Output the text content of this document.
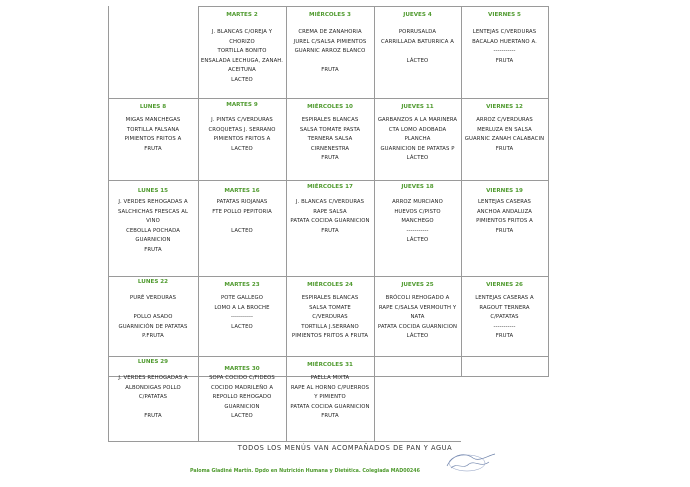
MARTES 2
J. BLANCAS C/OREJA Y
CHORIZO
TORTILLA BONITO
ENSALADA LECHUGA, ZANAH.
ACEITUNA
LACTEO
MIÉRCOLES 3
CREMA DE ZANAHORIA
JUREL C/SALSA PIMIENTOS
GUARNIC ARROZ BLANCO
FRUTA
JUEVES 4
PORRUSALDA
CARRILLADA BATURRICA A
LÁCTEO
VIERNES 5
LENTEJAS C/VERDURAS
BACALAO HUERTANO A.
-----------
FRUTA
LUNES 8
MIGAS MANCHEGAS
TORTILLA FALSANA
PIMIENTOS FRITOS A
FRUTA
MARTES 9
J. PINTAS C/VERDURAS
CROQUETAS J. SERRANO
PIMIENTOS FRITOS A
LACTEO
MIÉRCOLES 10
ESPIRALES BLANCAS
SALSA TOMATE PASTA
TERNERA SALSA
CIRNENESTRA
FRUTA
JUEVES 11
GARBANZOS A LA MARINERA
CTA LOMO ADOBADA
PLANCHA
GUARNICION DE PATATAS P
LÁCTEO
VIERNES 12
ARROZ C/VERDURAS
MERLUZA EN SALSA
GUARNIC ZANAH CALABACIN
FRUTA
LUNES 15
J. VERDES REHOGADAS A
SALCHICHAS FRESCAS AL
VINO
CEBOLLA POCHADA
GUARNICION
FRUTA
MARTES 16
PATATAS RIOJANAS
FTE POLLO PEPITORIA
LACTEO
MIÉRCOLES 17
J. BLANCAS C/VERDURAS
RAPE SALSA
PATATA COCIDA GUARNICION
FRUTA
JUEVES 18
ARROZ MURCIANO
HUEVOS C/PISTO
MANCHEGO
-----------
LÁCTEO
VIERNES 19
LENTEJAS CASERAS
ANCHOA ANDALUZA
PIMIENTOS FRITOS A
FRUTA
LUNES 22
PURÉ VERDURAS
POLLO ASADO
GUARNICIÓN DE PATATAS
P.FRUTA
MARTES 23
POTE GALLEGO
LOMO A LA BROCHE
-----------
LACTEO
MIÉRCOLES 24
ESPIRALES BLANCAS
SALSA TOMATE
C/VERDURAS
TORTILLA J.SERRANO
PIMIENTOS FRITOS A FRUTA
JUEVES 25
BRÓCOLI REHOGADO A
RAPE C/SALSA VERMOUTH Y
NATA
PATATA COCIDA GUARNICION
LÁCTEO
VIERNES 26
LENTEJAS CASERAS A
RAGOUT TERNERA
C/PATATAS
-----------
FRUTA
LUNES 29
J. VERDES REHOGADAS A
ALBONDIGAS POLLO
C/PATATAS
FRUTA
MARTES 30
SOPA COCIDO C/FIDEOS
COCIDO MADRILEÑO A
REPOLLO REHOGADO
GUARNICION
LACTEO
MIÉRCOLES 31
PAELLA MIXTA
RAPE AL HORNO C/PUERROS
Y PIMIENTO
PATATA COCIDA GUARNICION
FRUTA
TODOS LOS MENÚS VAN ACOMPAÑADOS DE PAN Y AGUA
Paloma Gladiné Martín. Dpdo en Nutrición Humana y Dietética. Colegiada MAD00246
